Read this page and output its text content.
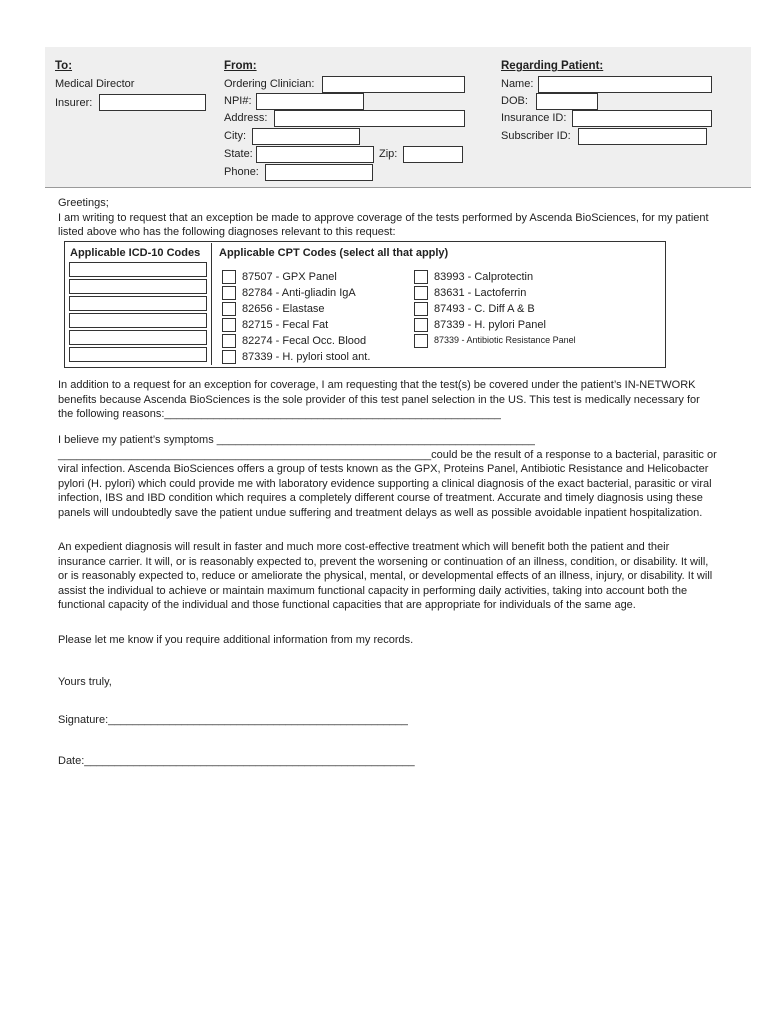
To:
Medical Director
Insurer:
From:
Ordering Clinician:
NPI#:
Address:
City:
State:	Zip:
Phone:
Regarding Patient:
Name:
DOB:
Insurance ID:
Subscriber ID:

Greetings;

I am writing to request that an exception be made to approve coverage of the tests performed by Ascenda BioSciences, for my patient listed above who has the following diagnoses relevant to this request:

Applicable ICD-10 Codes Applicable CPT Codes (select all that apply)
87507 - GPX Panel
82784 - Anti-gliadin IgA
82656 - Elastase
82715 - Fecal Fat
82274 - Fecal Occ. Blood
87339 - H. pylori stool ant.
83993 - Calprotectin
83631 - Lactoferrin
87493 - C. Diff A & B
87339 - H. pylori Panel
87339 - Antibiotic Resistance Panel
In addition to a request for an exception for coverage, I am requesting that the test(s) be covered under the patient’s IN-NETWORK benefits because Ascenda BioSciences is the sole provider of this test panel selection in the US. This test is medically necessary for the following reasons:_______________________________________________________
I believe my patient’s symptoms ____________________________________________________ _____________________________________________________________could be the result of a response to a bacterial, parasitic or viral infection. Ascenda BioSciences offers a group of tests known as the GPX, Proteins Panel, Antibiotic Resistance and Helicobacter pylori (H. pylori) which could provide me with laboratory evidence supporting a clinical diagnosis of the exact bacterial, parasitic or viral infection, IBS and IBD condition which requires a completely different course of treatment. Accurate and timely diagnosis using these panels will undoubtedly save the patient undue suffering and treatment delays as well as possible avoidable inpatient hospitalization.
An expedient diagnosis will result in faster and much more cost-effective treatment which will benefit both the patient and their insurance carrier. It will, or is reasonably expected to, prevent the worsening or continuation of an illness, condition, or disability. It will, or is reasonably expected to, reduce or ameliorate the physical, mental, or developmental effects of an illness, injury, or disability. It will assist the individual to achieve or maintain maximum functional capacity in performing daily activities, taking into account both the functional capacity of the individual and those functional capacities that are appropriate for individuals of the same age.
Please let me know if you require additional information from my records.
Yours truly,
Signature:_________________________________________________
Date:______________________________________________________
